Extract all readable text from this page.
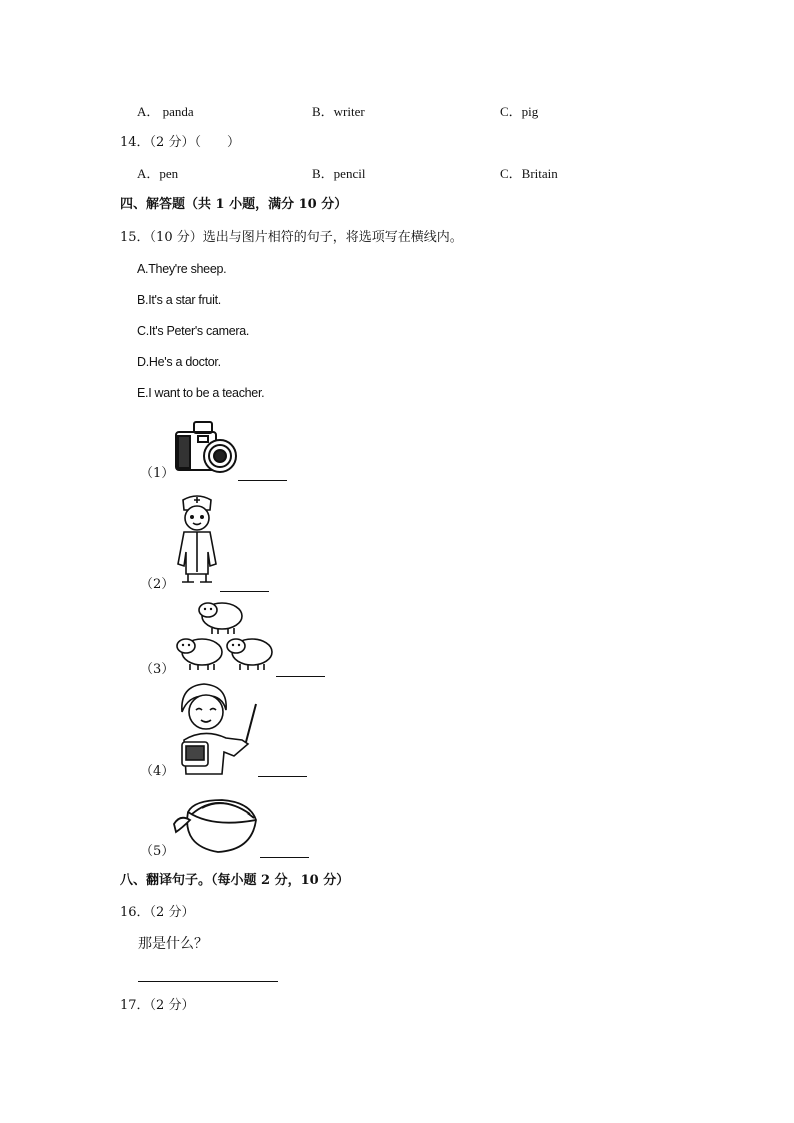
A． panda	B．writer	C．pig
14．（2 分）（　　）
A．pen	B．pencil	C．Britain
四、解答题（共 1 小题，满分 10 分）
15．（10 分）选出与图片相符的句子，将选项写在横线内。
A.They're sheep.
B.It's a star fruit.
C.It's Peter's camera.
D.He's a doctor.
E.I want to be a teacher.
（1）
（2）
（3）
（4）
（5）
八、翻译句子。（每小题 2 分，10 分）
16．（2 分）
那是什么？
17．（2 分）
